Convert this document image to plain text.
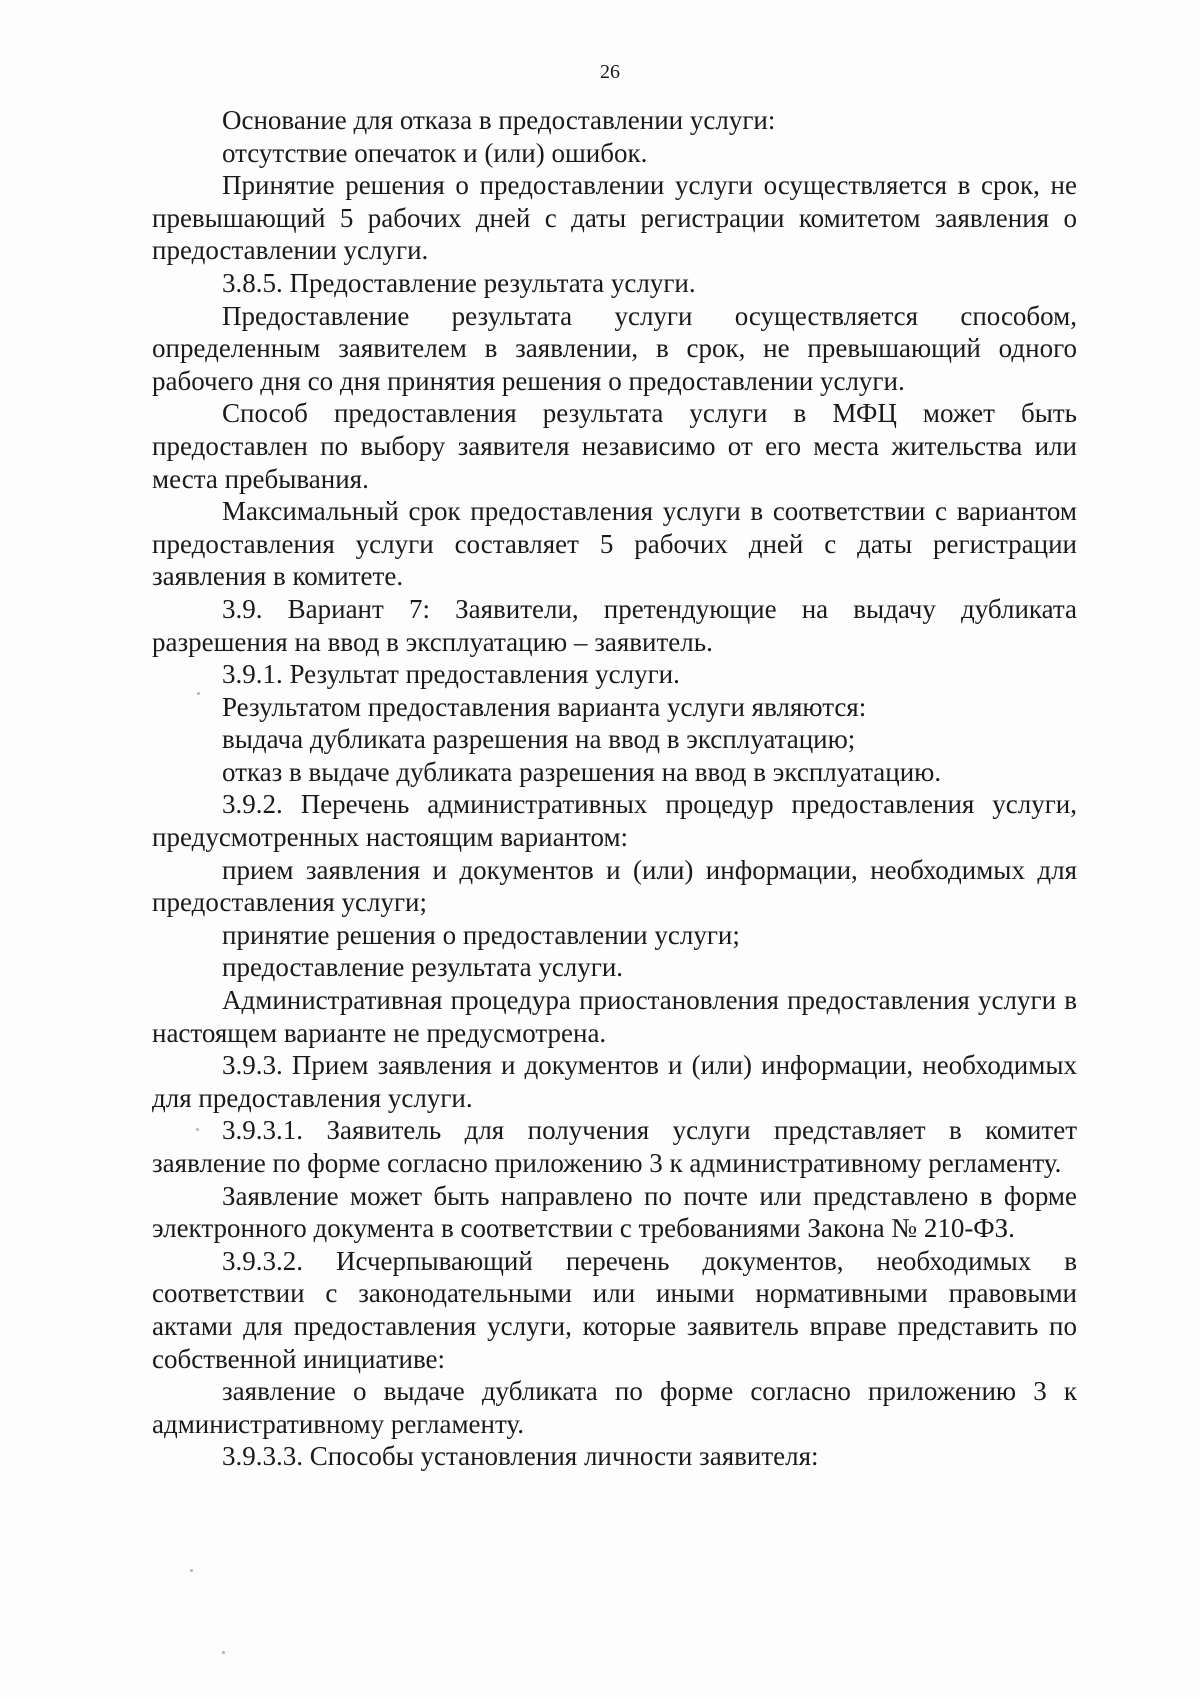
26

Основание для отказа в предоставлении услуги:

отсутствие опечаток и (или) ошибок.

Принятие решения о предоставлении услуги осуществляется в срок, не превышающий 5 рабочих дней с даты регистрации комитетом заявления о предоставлении услуги.

3.8.5. Предоставление результата услуги.

Предоставление результата услуги осуществляется способом, определенным заявителем в заявлении, в срок, не превышающий одного рабочего дня со дня принятия решения о предоставлении услуги.

Способ предоставления результата услуги в МФЦ может быть предоставлен по выбору заявителя независимо от его места жительства или места пребывания.

Максимальный срок предоставления услуги в соответствии с вариантом предоставления услуги составляет 5 рабочих дней с даты регистрации заявления в комитете.

3.9. Вариант 7: Заявители, претендующие на выдачу дубликата разрешения на ввод в эксплуатацию – заявитель.

3.9.1. Результат предоставления услуги.

Результатом предоставления варианта услуги являются:

выдача дубликата разрешения на ввод в эксплуатацию;

отказ в выдаче дубликата разрешения на ввод в эксплуатацию.

3.9.2. Перечень административных процедур предоставления услуги, предусмотренных настоящим вариантом:

прием заявления и документов и (или) информации, необходимых для предоставления услуги;

принятие решения о предоставлении услуги;

предоставление результата услуги.

Административная процедура приостановления предоставления услуги в настоящем варианте не предусмотрена.

3.9.3. Прием заявления и документов и (или) информации, необходимых для предоставления услуги.

3.9.3.1. Заявитель для получения услуги представляет в комитет заявление по форме согласно приложению 3 к административному регламенту.

Заявление может быть направлено по почте или представлено в форме электронного документа в соответствии с требованиями Закона № 210-ФЗ.

3.9.3.2. Исчерпывающий перечень документов, необходимых в соответствии с законодательными или иными нормативными правовыми актами для предоставления услуги, которые заявитель вправе представить по собственной инициативе:

заявление о выдаче дубликата по форме согласно приложению 3 к административному регламенту.

3.9.3.3. Способы установления личности заявителя:
